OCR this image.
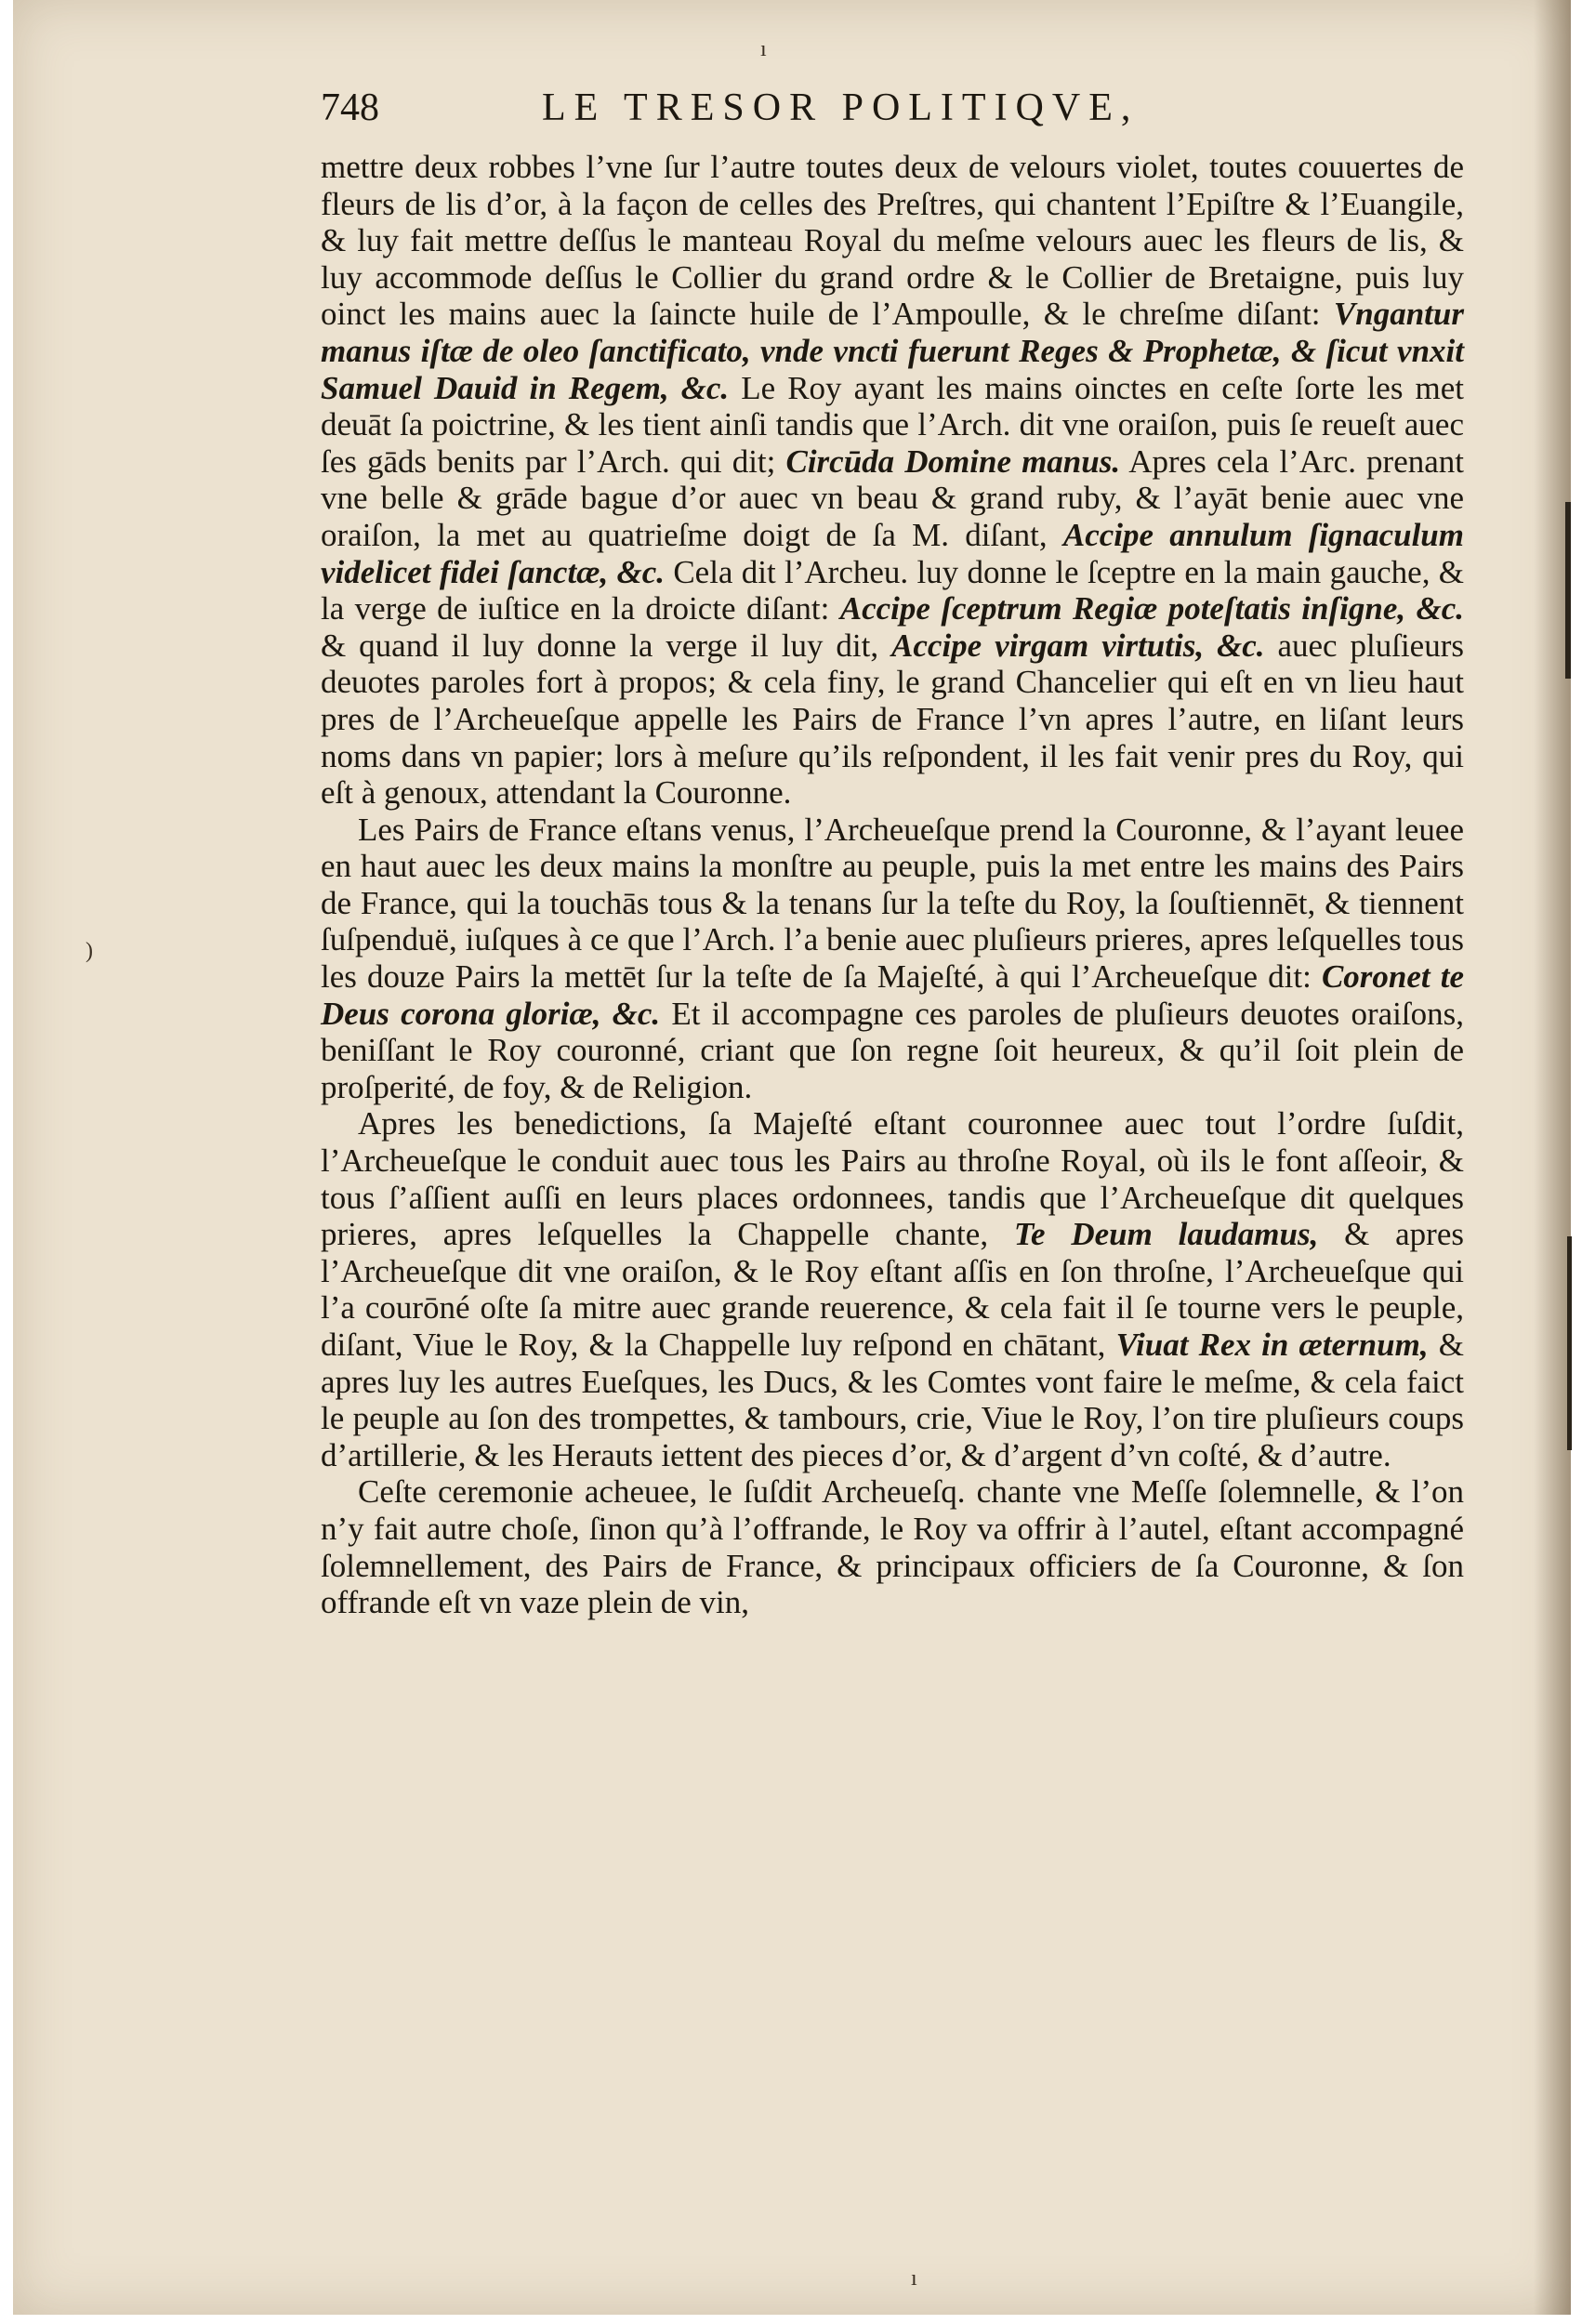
)
ı
ı
748	LE TRESOR POLITIQVE,

mettre deux robbes l’vne ſur l’autre toutes deux de velours violet, toutes couuertes de fleurs de lis d’or, à la façon de celles des Preſtres, qui chantent l’Epiſtre & l’Euangile, & luy fait mettre deſſus le manteau Royal du meſme velours auec les fleurs de lis, & luy accommode deſſus le Collier du grand ordre & le Collier de Bretaigne, puis luy oinct les mains auec la ſaincte huile de l’Ampoulle, & le chreſme diſant: Vngantur manus iſtæ de oleo ſanctificato, vnde vncti fuerunt Reges & Prophetæ, & ſicut vnxit Samuel Dauid in Regem, &c. Le Roy ayant les mains oinctes en ceſte ſorte les met deuāt ſa poictrine, & les tient ainſi tandis que l’Arch. dit vne oraiſon, puis ſe reueſt auec ſes gāds benits par l’Arch. qui dit; Circūda Domine manus. Apres cela l’Arc. prenant vne belle & grāde bague d’or auec vn beau & grand ruby, & l’ayāt benie auec vne oraiſon, la met au quatrieſme doigt de ſa M. diſant, Accipe annulum ſignaculum videlicet fidei ſanctæ, &c. Cela dit l’Archeu. luy donne le ſceptre en la main gauche, & la verge de iuſtice en la droicte diſant: Accipe ſceptrum Regiæ poteſtatis inſigne, &c. & quand il luy donne la verge il luy dit, Accipe virgam virtutis, &c. auec pluſieurs deuotes paroles fort à propos; & cela finy, le grand Chancelier qui eſt en vn lieu haut pres de l’Archeueſque appelle les Pairs de France l’vn apres l’autre, en liſant leurs noms dans vn papier; lors à meſure qu’ils reſpondent, il les fait venir pres du Roy, qui eſt à genoux, attendant la Couronne.

Les Pairs de France eſtans venus, l’Archeueſque prend la Couronne, & l’ayant leuee en haut auec les deux mains la monſtre au peuple, puis la met entre les mains des Pairs de France, qui la touchās tous & la tenans ſur la teſte du Roy, la ſouſtiennēt, & tiennent ſuſpenduë, iuſques à ce que l’Arch. l’a benie auec pluſieurs prieres, apres leſquelles tous les douze Pairs la mettēt ſur la teſte de ſa Majeſté, à qui l’Archeueſque dit: Coronet te Deus corona gloriæ, &c. Et il accompagne ces paroles de pluſieurs deuotes oraiſons, beniſſant le Roy couronné, criant que ſon regne ſoit heureux, & qu’il ſoit plein de proſperité, de foy, & de Religion.

Apres les benedictions, ſa Majeſté eſtant couronnee auec tout l’ordre ſuſdit, l’Archeueſque le conduit auec tous les Pairs au throſne Royal, où ils le font aſſeoir, & tous ſ’aſſient auſſi en leurs places ordonnees, tandis que l’Archeueſque dit quelques prieres, apres leſquelles la Chappelle chante, Te Deum laudamus, & apres l’Archeueſque dit vne oraiſon, & le Roy eſtant aſſis en ſon throſne, l’Archeueſque qui l’a courōné oſte ſa mitre auec grande reuerence, & cela fait il ſe tourne vers le peuple, diſant, Viue le Roy, & la Chappelle luy reſpond en chātant, Viuat Rex in æternum, & apres luy les autres Eueſques, les Ducs, & les Comtes vont faire le meſme, & cela faict le peuple au ſon des trompettes, & tambours, crie, Viue le Roy, l’on tire pluſieurs coups d’artillerie, & les Herauts iettent des pieces d’or, & d’argent d’vn coſté, & d’autre.

Ceſte ceremonie acheuee, le ſuſdit Archeueſq. chante vne Meſſe ſolemnelle, & l’on n’y fait autre choſe, ſinon qu’à l’offrande, le Roy va offrir à l’autel, eſtant accompagné ſolemnellement, des Pairs de France, & principaux officiers de ſa Couronne, & ſon offrande eſt vn vaze plein de vin,
